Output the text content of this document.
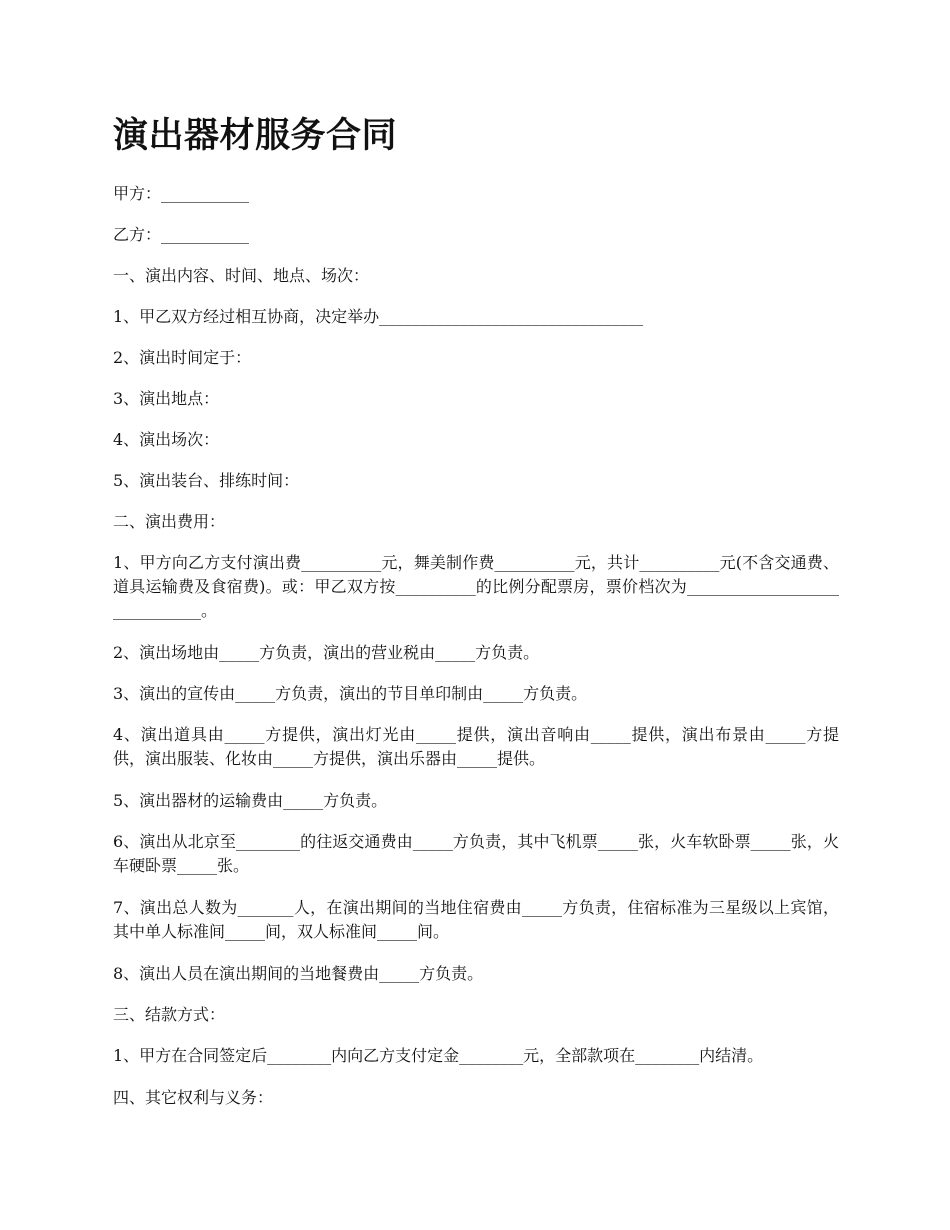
演出器材服务合同

甲方：___________

乙方：___________

一、演出内容、时间、地点、场次：

1、甲乙双方经过相互协商，决定举办_________________________________

2、演出时间定于：

3、演出地点：

4、演出场次：

5、演出装台、排练时间：

二、演出费用：

1、甲方向乙方支付演出费__________元，舞美制作费__________元，共计__________元(不含交通费、道具运输费及食宿费)。或：甲乙双方按__________的比例分配票房，票价档次为______________________________。

2、演出场地由_____方负责，演出的营业税由_____方负责。

3、演出的宣传由_____方负责，演出的节目单印制由_____方负责。

4、演出道具由_____方提供，演出灯光由_____提供，演出音响由_____提供，演出布景由_____方提供，演出服装、化妆由_____方提供，演出乐器由_____提供。

5、演出器材的运输费由_____方负责。

6、演出从北京至________的往返交通费由_____方负责，其中飞机票_____张，火车软卧票_____张，火车硬卧票_____张。

7、演出总人数为_______人，在演出期间的当地住宿费由_____方负责，住宿标准为三星级以上宾馆，其中单人标准间_____间，双人标准间_____间。

8、演出人员在演出期间的当地餐费由_____方负责。

三、结款方式：

1、甲方在合同签定后________内向乙方支付定金________元，全部款项在________内结清。

四、其它权利与义务：
